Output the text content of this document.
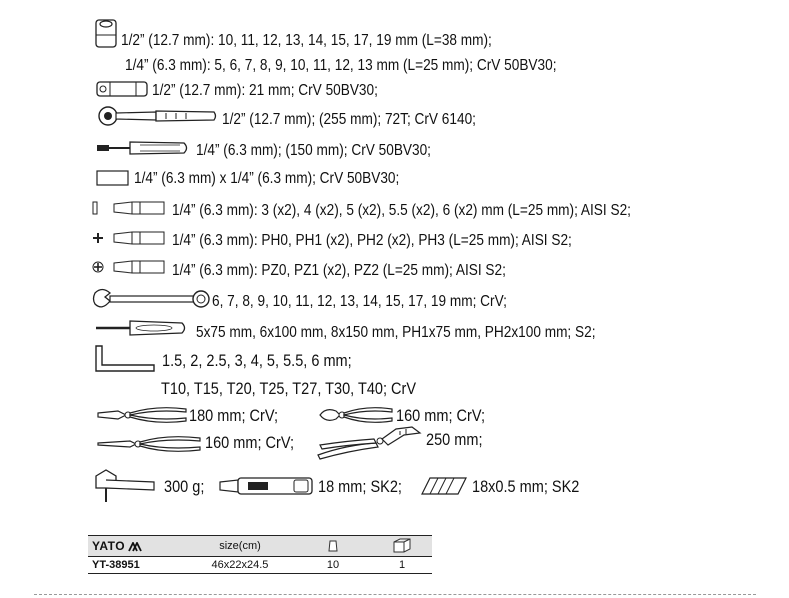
1/2” (12.7 mm): 10, 11, 12, 13, 14, 15, 17, 19 mm (L=38 mm);
1/4” (6.3 mm): 5, 6, 7, 8, 9, 10, 11, 12, 13 mm (L=25 mm); CrV 50BV30;
1/2” (12.7 mm): 21 mm; CrV 50BV30;
1/2” (12.7 mm); (255 mm); 72T; CrV 6140;
1/4” (6.3 mm); (150 mm); CrV 50BV30;
1/4” (6.3 mm) x 1/4” (6.3 mm); CrV 50BV30;
1/4” (6.3 mm): 3 (x2), 4 (x2), 5 (x2), 5.5 (x2), 6 (x2) mm (L=25 mm); AISI S2;
1/4” (6.3 mm): PH0, PH1 (x2), PH2 (x2), PH3 (L=25 mm); AISI S2;
1/4” (6.3 mm): PZ0, PZ1 (x2), PZ2 (L=25 mm); AISI S2;
6, 7, 8, 9, 10, 11, 12, 13, 14, 15, 17, 19 mm; CrV;
5x75 mm, 6x100 mm, 8x150 mm, PH1x75 mm, PH2x100 mm; S2;
1.5, 2, 2.5, 3, 4, 5, 5.5, 6 mm;
T10, T15, T20, T25, T27, T30, T40; CrV
180 mm; CrV;	160 mm; CrV;
160 mm; CrV;	250 mm;
300 g;	18 mm; SK2;	18x0.5 mm; SK2
YATO	size(cm)		
YT-38951	46x22x24.5	10	1
